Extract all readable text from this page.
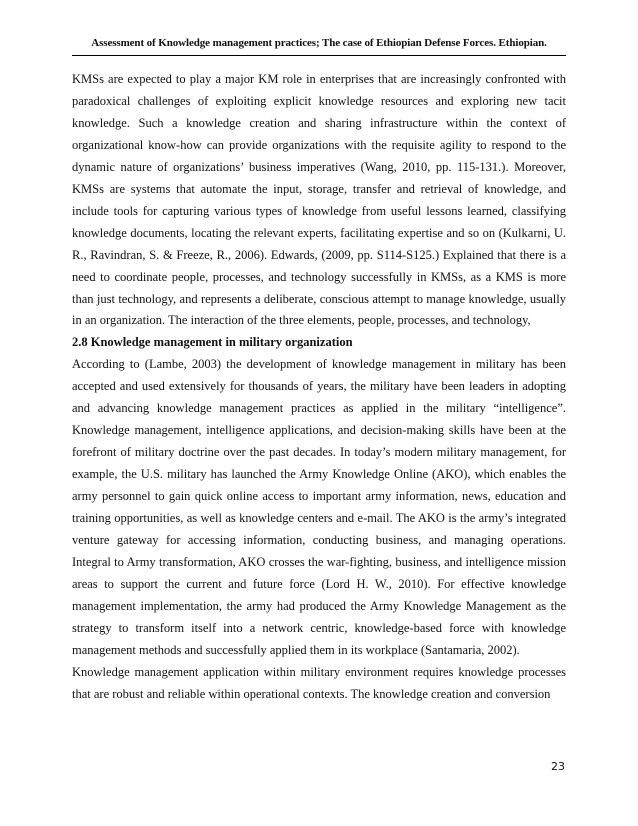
Assessment of Knowledge management practices; The case of Ethiopian Defense Forces. Ethiopian.

KMSs are expected to play a major KM role in enterprises that are increasingly confronted with paradoxical challenges of exploiting explicit knowledge resources and exploring new tacit knowledge. Such a knowledge creation and sharing infrastructure within the context of organizational know-how can provide organizations with the requisite agility to respond to the dynamic nature of organizations’ business imperatives (Wang, 2010, pp. 115-131.). Moreover, KMSs are systems that automate the input, storage, transfer and retrieval of knowledge, and include tools for capturing various types of knowledge from useful lessons learned, classifying knowledge documents, locating the relevant experts, facilitating expertise and so on (Kulkarni, U. R., Ravindran, S. & Freeze, R., 2006). Edwards, (2009, pp. S114-S125.) Explained that there is a need to coordinate people, processes, and technology successfully in KMSs, as a KMS is more than just technology, and represents a deliberate, conscious attempt to manage knowledge, usually in an organization. The interaction of the three elements, people, processes, and technology,

2.8 Knowledge management in military organization

According to (Lambe, 2003) the development of knowledge management in military has been accepted and used extensively for thousands of years, the military have been leaders in adopting and advancing knowledge management practices as applied in the military “intelligence”. Knowledge management, intelligence applications, and decision-making skills have been at the forefront of military doctrine over the past decades. In today’s modern military management, for example, the U.S. military has launched the Army Knowledge Online (AKO), which enables the army personnel to gain quick online access to important army information, news, education and training opportunities, as well as knowledge centers and e-mail. The AKO is the army’s integrated venture gateway for accessing information, conducting business, and managing operations. Integral to Army transformation, AKO crosses the war-fighting, business, and intelligence mission areas to support the current and future force (Lord H. W., 2010). For effective knowledge management implementation, the army had produced the Army Knowledge Management as the strategy to transform itself into a network centric, knowledge-based force with knowledge management methods and successfully applied them in its workplace (Santamaria, 2002).

Knowledge management application within military environment requires knowledge processes that are robust and reliable within operational contexts. The knowledge creation and conversion

23
